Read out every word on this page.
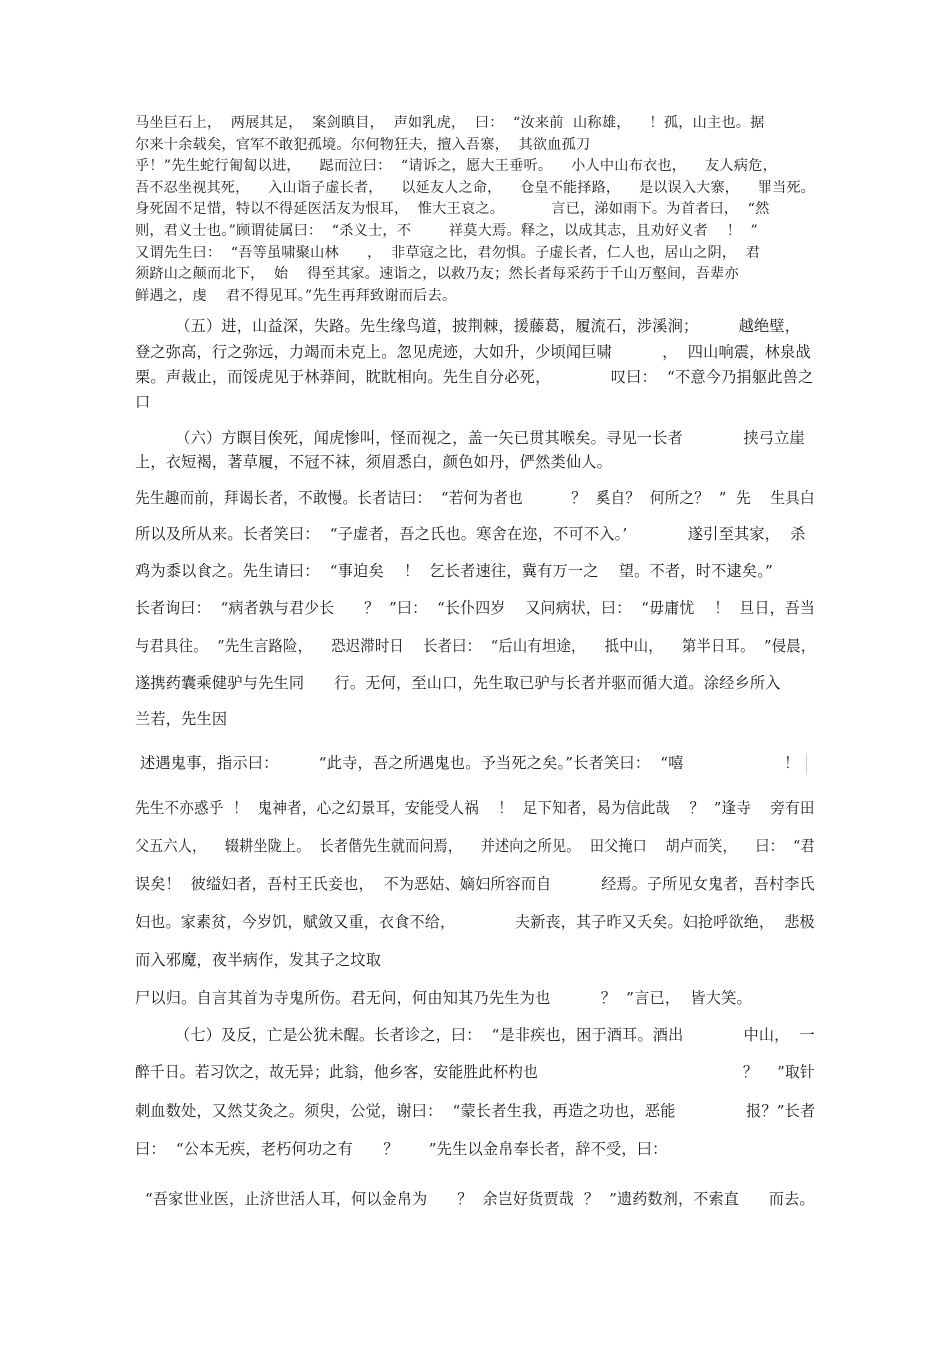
马坐巨石上，  两展其足，  案剑瞋目，  声如乳虎，  曰：  “汝来前  山称雄，    ！孤，山主也。据
尔来十余载矣，官军不敢犯孤境。尔何物狂夫，擅入吾寨，  其欲血孤刀
乎！”先生蛇行匍匐以进，    跽而泣曰：  “请诉之，愿大王垂听。    小人中山布衣也，    友人病危，
吾不忍坐视其死，    入山诣子虚长者，    以延友人之命，    仓皇不能择路，    是以误入大寨，    罪当死。
身死固不足惜，特以不得延医活友为恨耳，  惟大王哀之。          言已，涕如雨下。为首者曰，  “然
则，君义士也。”顾谓徒属曰：  “杀义士，不        祥莫大焉。释之，以成其志，且劝好义者    ！  ”
又谓先生曰：  “吾等虽啸聚山林      ，  非草寇之比，君勿惧。子虚长者，仁人也，居山之阴，  君
须跻山之颠而北下，  始    得至其家。速诣之，以救乃友；然长者每采药于千山万壑间，吾辈亦
鲜遇之，虔    君不得见耳。”先生再拜致谢而后去。
（五）进，山益深，失路。先生缘鸟道，披荆棘，援藤葛，履流石，涉溪涧；        越绝壁，
登之弥高，行之弥远，力竭而未克上。忽见虎迹，大如升，少顷闻巨啸          ，  四山响震，林泉战
栗。声裁止，而馁虎见于林莽间，眈眈相向。先生自分必死，            叹曰：  “不意今乃捐躯此兽之
口
（六）方瞑目俟死，闻虎惨叫，怪而视之，盖一矢已贯其喉矣。寻见一长者            挟弓立崖
上，衣短褐，著草履，不冠不袜，须眉悉白，颜色如丹，俨然类仙人。
先生趣而前，拜谒长者，不敢慢。长者诘曰：  “若何为者也          ？  奚自？  何所之？  ”  先    生具白
所以及所从来。长者笑曰：  “子虚者，吾之氏也。寒舍在迩，不可不入。’            遂引至其家，  杀
鸡为黍以食之。先生请曰：  “事迫矣    ！  乞长者速往，冀有万一之    望。不者，时不逮矣。”
长者询曰：  “病者孰与君少长      ？  ”曰：  “长仆四岁    又问病状，曰：  “毋庸忧    ！  旦日，吾当
与君具往。  ”先生言路险，    恐迟滞时日    长者曰：  “后山有坦途，    抵中山，    第半日耳。  ”侵晨，
遂携药囊乘健驴与先生同      行。无何，至山口，先生取已驴与长者并驱而循大道。涂经乡所入
兰若，先生因
述遇鬼事，指示曰：        “此寺，吾之所遇鬼也。予当死之矣。”长者笑曰：  “嘻                    ！
先生不亦惑乎  ！  鬼神者，心之幻景耳，安能受人祸    ！  足下知者，曷为信此哉    ？  ”逢寺    旁有田
父五六人，    辍耕坐陇上。  长者偕先生就而问焉，    并述向之所见。  田父掩口    胡卢而笑，    曰：  “君
误矣！  彼缢妇者，吾村王氏妾也，  不为恶姑、嫡妇所容而自          经焉。子所见女鬼者，吾村李氏
妇也。家素贫，今岁饥，赋敛又重，衣食不给，            夫新丧，其子昨又夭矣。妇抢呼欲绝，  悲极
而入邪魔，夜半病作，发其子之坟取
尸以归。自言其首为寺鬼所伤。君无问，何由知其乃先生为也          ？  ”言已，  皆大笑。
（七）及反，亡是公犹未醒。长者诊之，曰：  “是非疾也，困于酒耳。酒出            中山，  一
醉千日。若习饮之，故无异；此翁，他乡客，安能胜此杯杓也                                          ？    ”取针
刺血数处，又然艾灸之。须臾，公觉，谢曰：  “蒙长者生我，再造之功也，恶能              报？”长者
曰：  “公本无疾，老朽何功之有      ？      ”先生以金帛奉长者，辞不受，曰：
“吾家世业医，止济世活人耳，何以金帛为      ？  余岂好货贾哉  ？  ”遗药数剂，不索直      而去。
